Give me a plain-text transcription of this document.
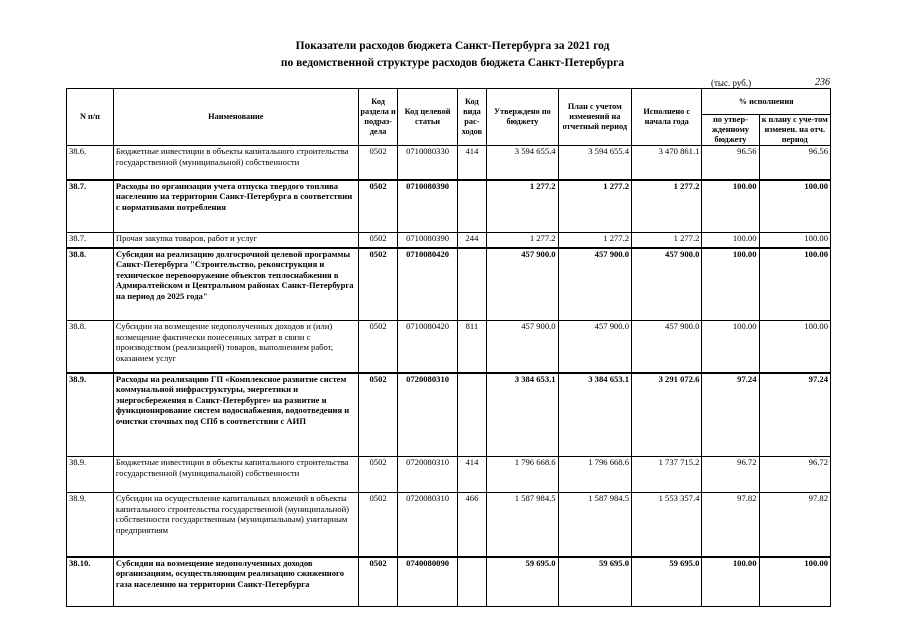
Показатели расходов бюджета Санкт-Петербурга за 2021 год
по ведомственной структуре расходов бюджета Санкт-Петербурга
(тыс. руб.)	236
N п/п	Наименование	Код раздела и подраз-дела	Код целевой статьи	Код вида рас-ходов	Утверждено по бюджету	План с учетом изменений на отчетный период	Исполнено с начала года	% исполнения	
								по утвер-жденному бюджету	к плану с уче-том изменен. на отч. период
38.6.	Бюджетные инвестиции в объекты капитального строительства государственной (муниципальной) собственности	0502	0710080330	414	3 594 655.4	3 594 655.4	3 470 861.1	96.56	96.56
38.7.	Расходы по организации учета отпуска твердого топлива населению на территории Санкт-Петербурга в соответствии с нормативами потребления	0502	0710080390		1 277.2	1 277.2	1 277.2	100.00	100.00
38.7.	Прочая закупка товаров, работ и услуг	0502	0710080390	244	1 277.2	1 277.2	1 277.2	100.00	100.00
38.8.	Субсидии на реализацию долгосрочной целевой программы Санкт-Петербурга "Строительство, реконструкция и техническое перевооружение объектов теплоснабжения в Адмиралтейском и Центральном районах Санкт-Петербурга на период до 2025 года"	0502	0710080420		457 900.0	457 900.0	457 900.0	100.00	100.00
38.8.	Субсидии на возмещение недополученных доходов и (или) возмещение фактически понесенных затрат в связи с производством (реализацией) товаров, выполнением работ, оказанием услуг	0502	0710080420	811	457 900.0	457 900.0	457 900.0	100.00	100.00
38.9.	Расходы на реализацию ГП «Комплексное развитие систем коммунальной инфраструктуры, энергетики и энергосбережения в Санкт-Петербурге» на развитие и функционирование систем водоснабжения, водоотведения и очистки сточных под СПб в соответствии с АИП	0502	0720080310		3 384 653.1	3 384 653.1	3 291 072.6	97.24	97.24
38.9.	Бюджетные инвестиции в объекты капитального строительства государственной (муниципальной) собственности	0502	0720080310	414	1 796 668.6	1 796 668.6	1 737 715.2	96.72	96.72
38.9.	Субсидии на осуществление капитальных вложений в объекты капитального строительства государственной (муниципальной) собственности государственным (муниципальным) унитарным предприятиям	0502	0720080310	466	1 587 984.5	1 587 984.5	1 553 357.4	97.82	97.82
38.10.	Субсидии на возмещение недополученных доходов организациям, осуществляющим реализацию сжиженного газа населению на территории Санкт-Петербурга	0502	0740080090		59 695.0	59 695.0	59 695.0	100.00	100.00
